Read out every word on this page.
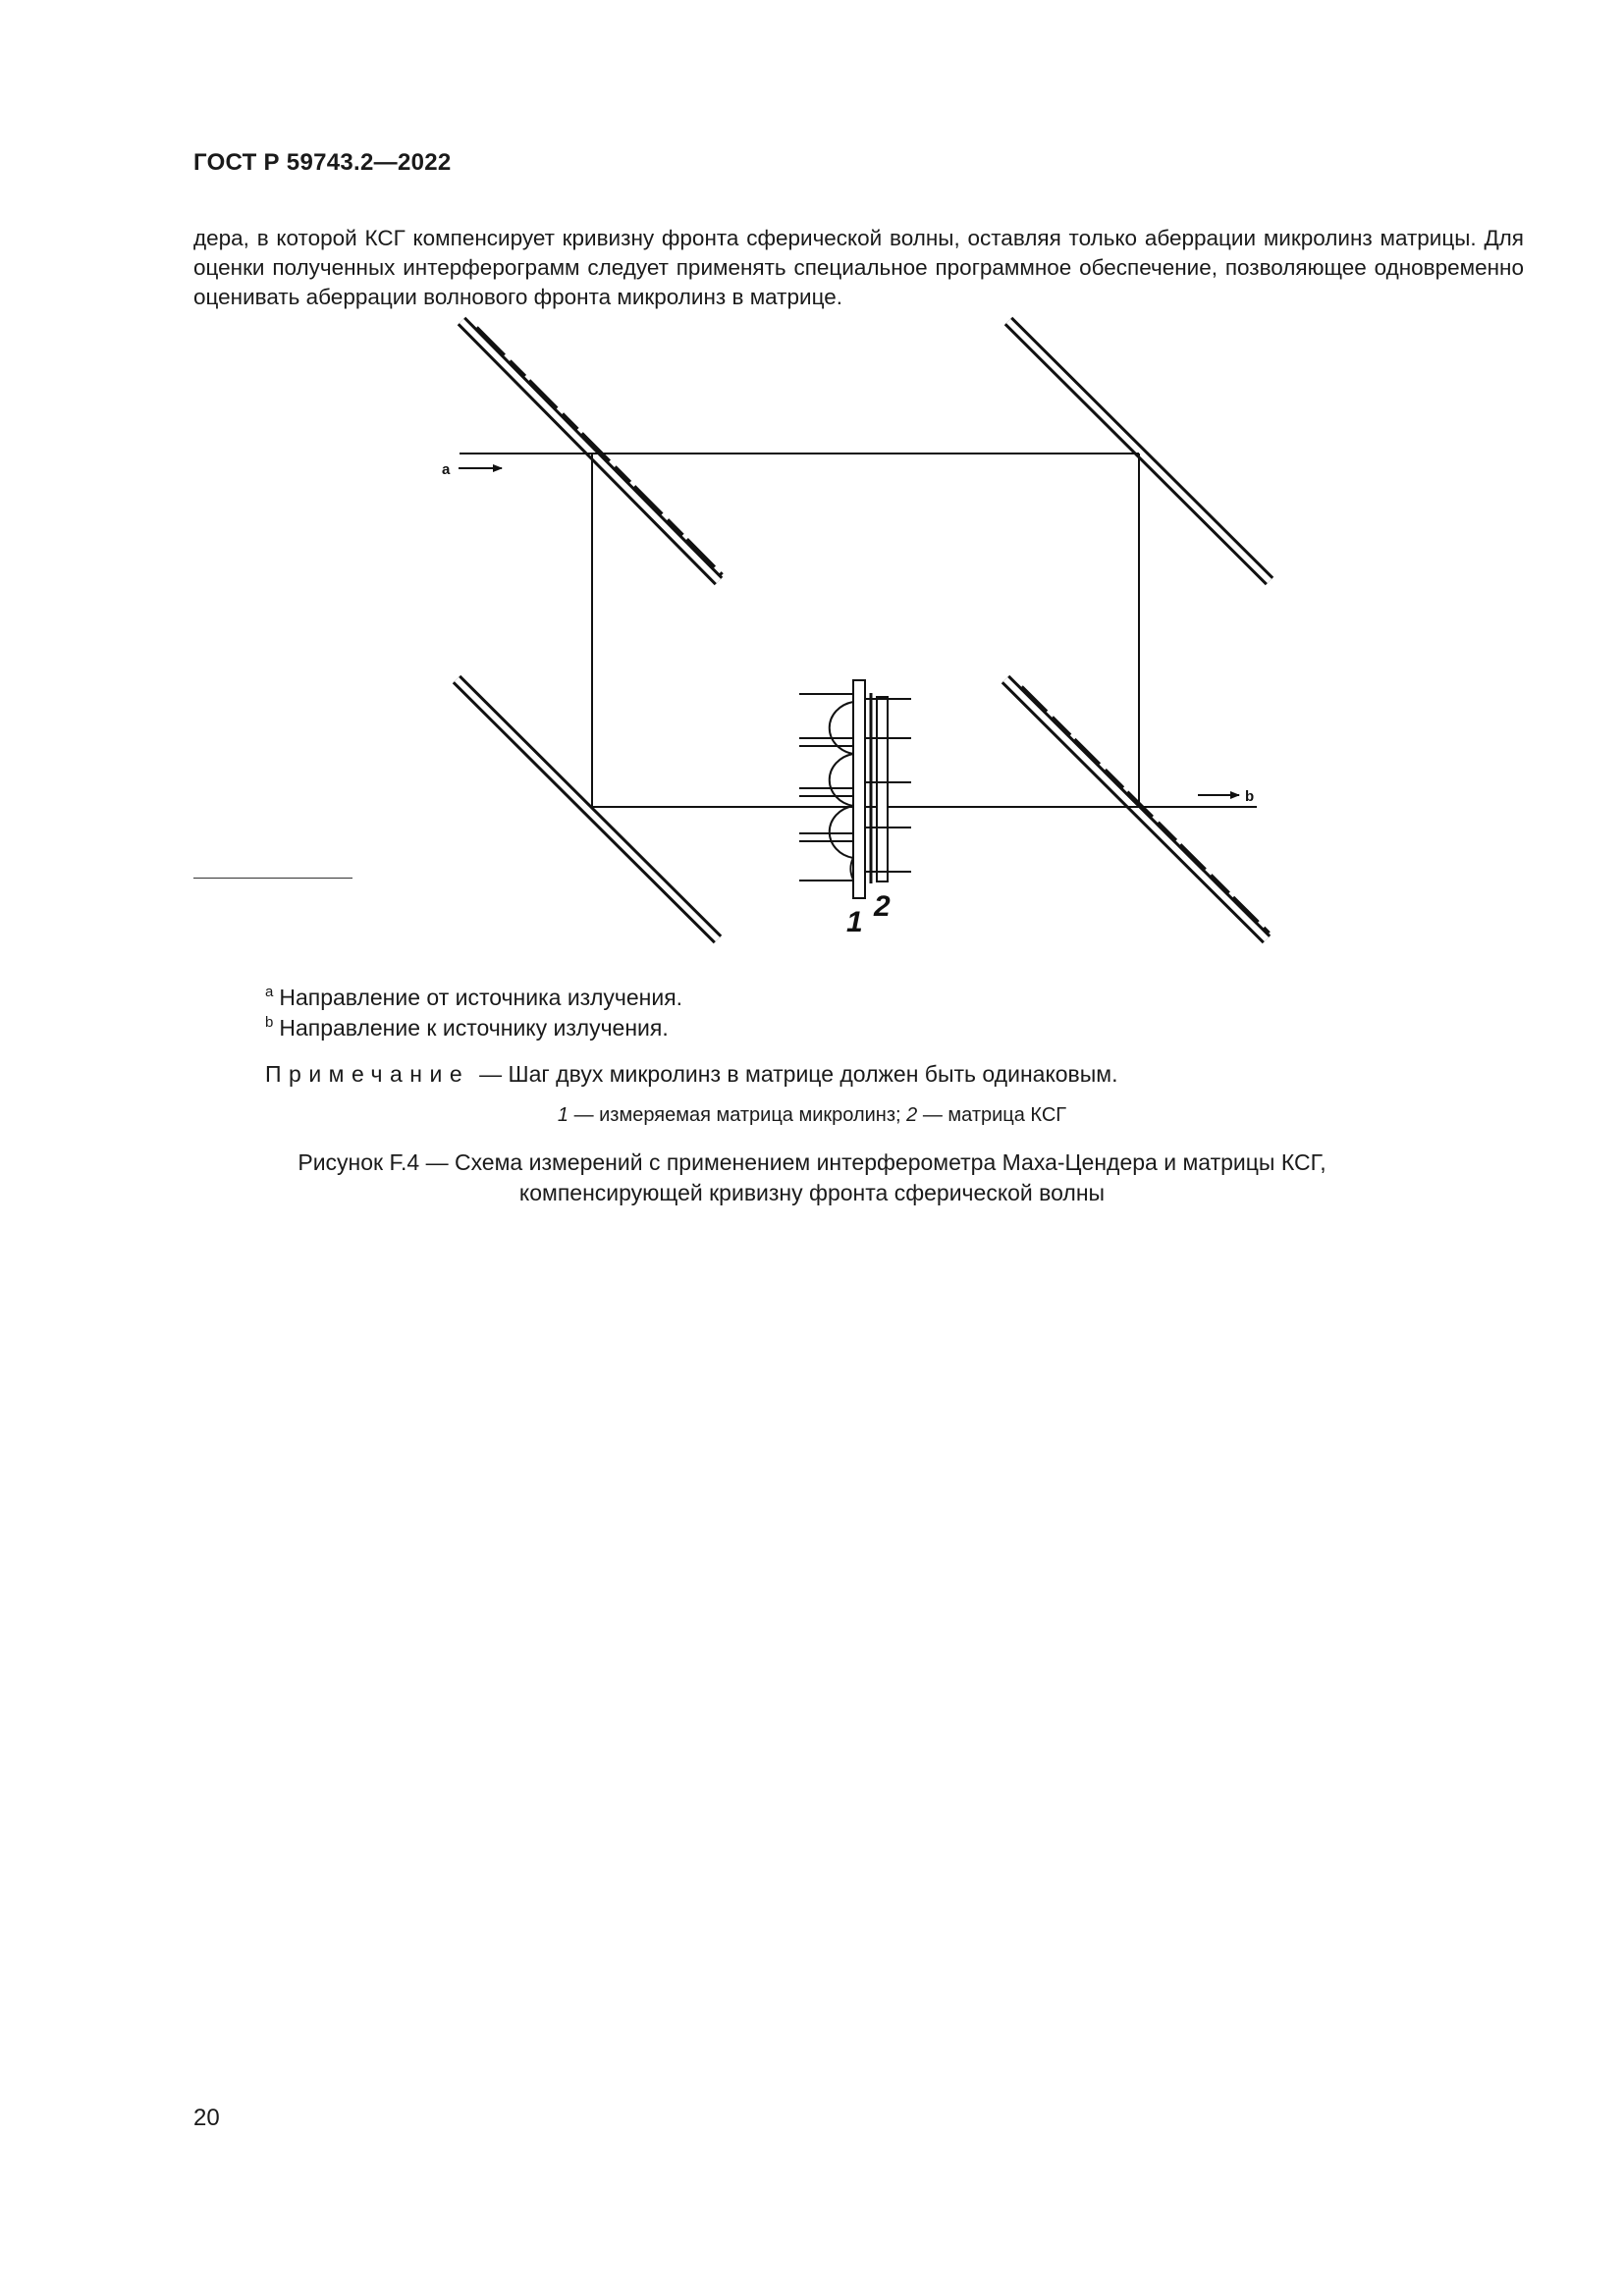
ГОСТ Р 59743.2—2022

дера, в которой КСГ компенсирует кривизну фронта сферической волны, оставляя только аберрации микролинз матрицы. Для оценки полученных интерферограмм следует применять специальное программное обеспечение, позволяющее одновременно оценивать аберрации волнового фронта микролинз в матрице.

a
b
1 2
$^a$ Направление от источника излучения.
$^b$ Направление к источнику излучения.
Примечание — Шаг двух микролинз в матрице должен быть одинаковым.
1 — измеряемая матрица микролинз; 2 — матрица КСГ
Рисунок F.4 — Схема измерений с применением интерферометра Маха-Цендера и матрицы КСГ,
компенсирующей кривизну фронта сферической волны
20
